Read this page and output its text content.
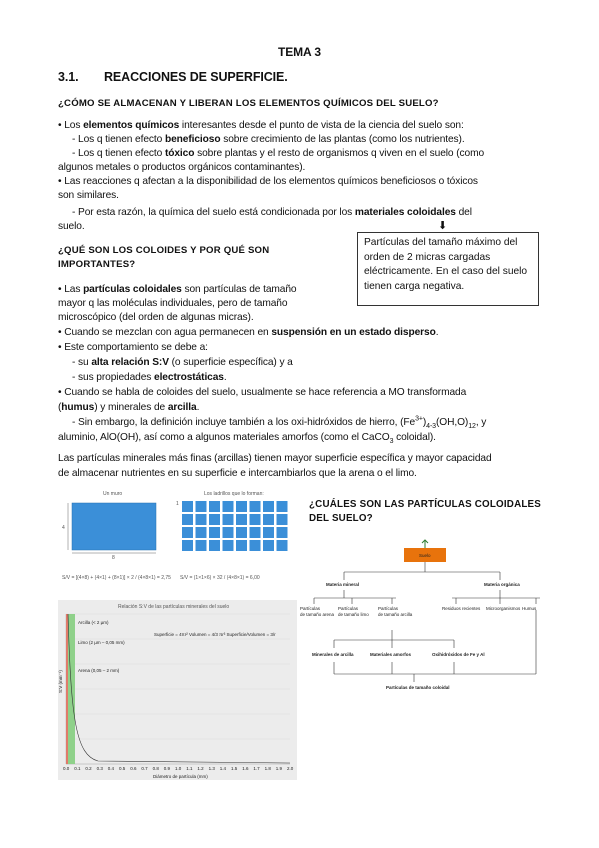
TEMA 3
3.1. REACCIONES DE SUPERFICIE.
¿CÓMO SE ALMACENAN Y LIBERAN LOS ELEMENTOS QUÍMICOS DEL SUELO?
• Los elementos químicos interesantes desde el punto de vista de la ciencia del suelo son:
- Los q tienen efecto beneficioso sobre crecimiento de las plantas (como los nutrientes).
- Los q tienen efecto tóxico sobre plantas y el resto de organismos q viven en el suelo (como
algunos metales o productos orgánicos contaminantes).
• Las reacciones q afectan a la disponibilidad de los elementos químicos beneficiosos o tóxicos
son similares.
- Por esta razón, la química del suelo está condicionada por los materiales coloidales del
suelo.	⬇
Partículas del tamaño máximo del orden de 2 micras cargadas eléctricamente. En el caso del suelo tienen carga negativa.
¿QUÉ SON LOS COLOIDES Y POR QUÉ SON
IMPORTANTES?
• Las partículas coloidales son partículas de tamaño
mayor q las moléculas individuales, pero de tamaño
microscópico (del orden de algunas micras).
• Cuando se mezclan con agua permanecen en suspensión en un estado disperso.
• Este comportamiento se debe a:
- su alta relación S:V (o superficie específica) y a
- sus propiedades electrostáticas.
• Cuando se habla de coloides del suelo, usualmente se hace referencia a MO transformada
(humus) y minerales de arcilla.
- Sin embargo, la definición incluye también a los oxi-hidróxidos de hierro, $(Fe^{3+})_{4-3}(OH,O)_{12}$, y
aluminio, AlO(OH), así como a algunos materiales amorfos (como el CaCO$_3$ coloidal).
Las partículas minerales más finas (arcillas) tienen mayor superficie específica y mayor capacidad
de almacenar nutrientes en su superficie e intercambiarlos que la arena o el limo.
¿CUÁLES SON LAS PARTÍCULAS COLOIDALES
DEL SUELO?
Un muro	Los ladrillos que lo forman:
4
8
1
S/V = [(4×8) + (4×1) + (8×1)] × 2 / (4×8×1) = 2,75 S/V = (1×1×6) × 32 / (4×8×1) = 6,00
Relación S:V de las partículas minerales del suelo
0.0 0.1 0.2 0.3 0.4 0.5 0.6 0.7 0.8 0.9 1.0 1.1 1.2 1.3 1.4 1.5 1.6 1.7 1.8 1.9 2.0
Arcilla (< 2 µm)
Limo (2 µm – 0,05 mm)
Arena (0,05 – 2 mm)
Superficie = 4πr² Volumen = 4/3 πr³ Superficie/Volumen = 3/r
S:V (mm⁻¹)
Diámetro de partícula (mm)
Suelo
Materia mineral	Materia orgánica
Partículas
de tamaño arena
Partículas
de tamaño limo
Partículas
de tamaño arcilla
Residuos recientes Microorganismos Humus
Minerales de arcilla	Materiales amorfos	Oxihidróxidos de Fe y Al
Partículas de tamaño coloidal
